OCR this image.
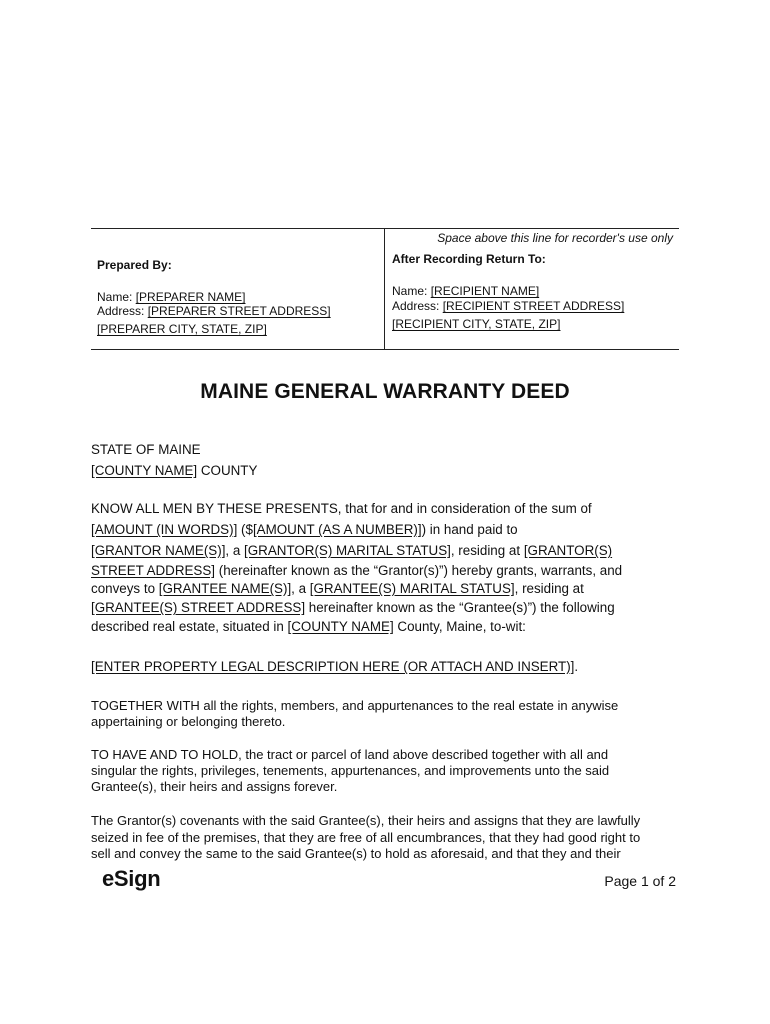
Space above this line for recorder's use only
Prepared By:
Name: [PREPARER NAME]
Address: [PREPARER STREET ADDRESS]
[PREPARER CITY, STATE, ZIP]
After Recording Return To:
Name: [RECIPIENT NAME]
Address: [RECIPIENT STREET ADDRESS]
[RECIPIENT CITY, STATE, ZIP]
MAINE GENERAL WARRANTY DEED
STATE OF MAINE
[COUNTY NAME] COUNTY
KNOW ALL MEN BY THESE PRESENTS, that for and in consideration of the sum of
[AMOUNT (IN WORDS)] ($[AMOUNT (AS A NUMBER)]) in hand paid to
[GRANTOR NAME(S)], a [GRANTOR(S) MARITAL STATUS], residing at [GRANTOR(S)
STREET ADDRESS] (hereinafter known as the “Grantor(s)”) hereby grants, warrants, and
conveys to [GRANTEE NAME(S)], a [GRANTEE(S) MARITAL STATUS], residing at
[GRANTEE(S) STREET ADDRESS] hereinafter known as the “Grantee(s)”) the following
described real estate, situated in [COUNTY NAME] County, Maine, to-wit:
[ENTER PROPERTY LEGAL DESCRIPTION HERE (OR ATTACH AND INSERT)].
TOGETHER WITH all the rights, members, and appurtenances to the real estate in anywise
appertaining or belonging thereto.
TO HAVE AND TO HOLD, the tract or parcel of land above described together with all and
singular the rights, privileges, tenements, appurtenances, and improvements unto the said
Grantee(s), their heirs and assigns forever.
The Grantor(s) covenants with the said Grantee(s), their heirs and assigns that they are lawfully
seized in fee of the premises, that they are free of all encumbrances, that they had good right to
sell and convey the same to the said Grantee(s) to hold as aforesaid, and that they and their
eSign	Page 1 of 2
